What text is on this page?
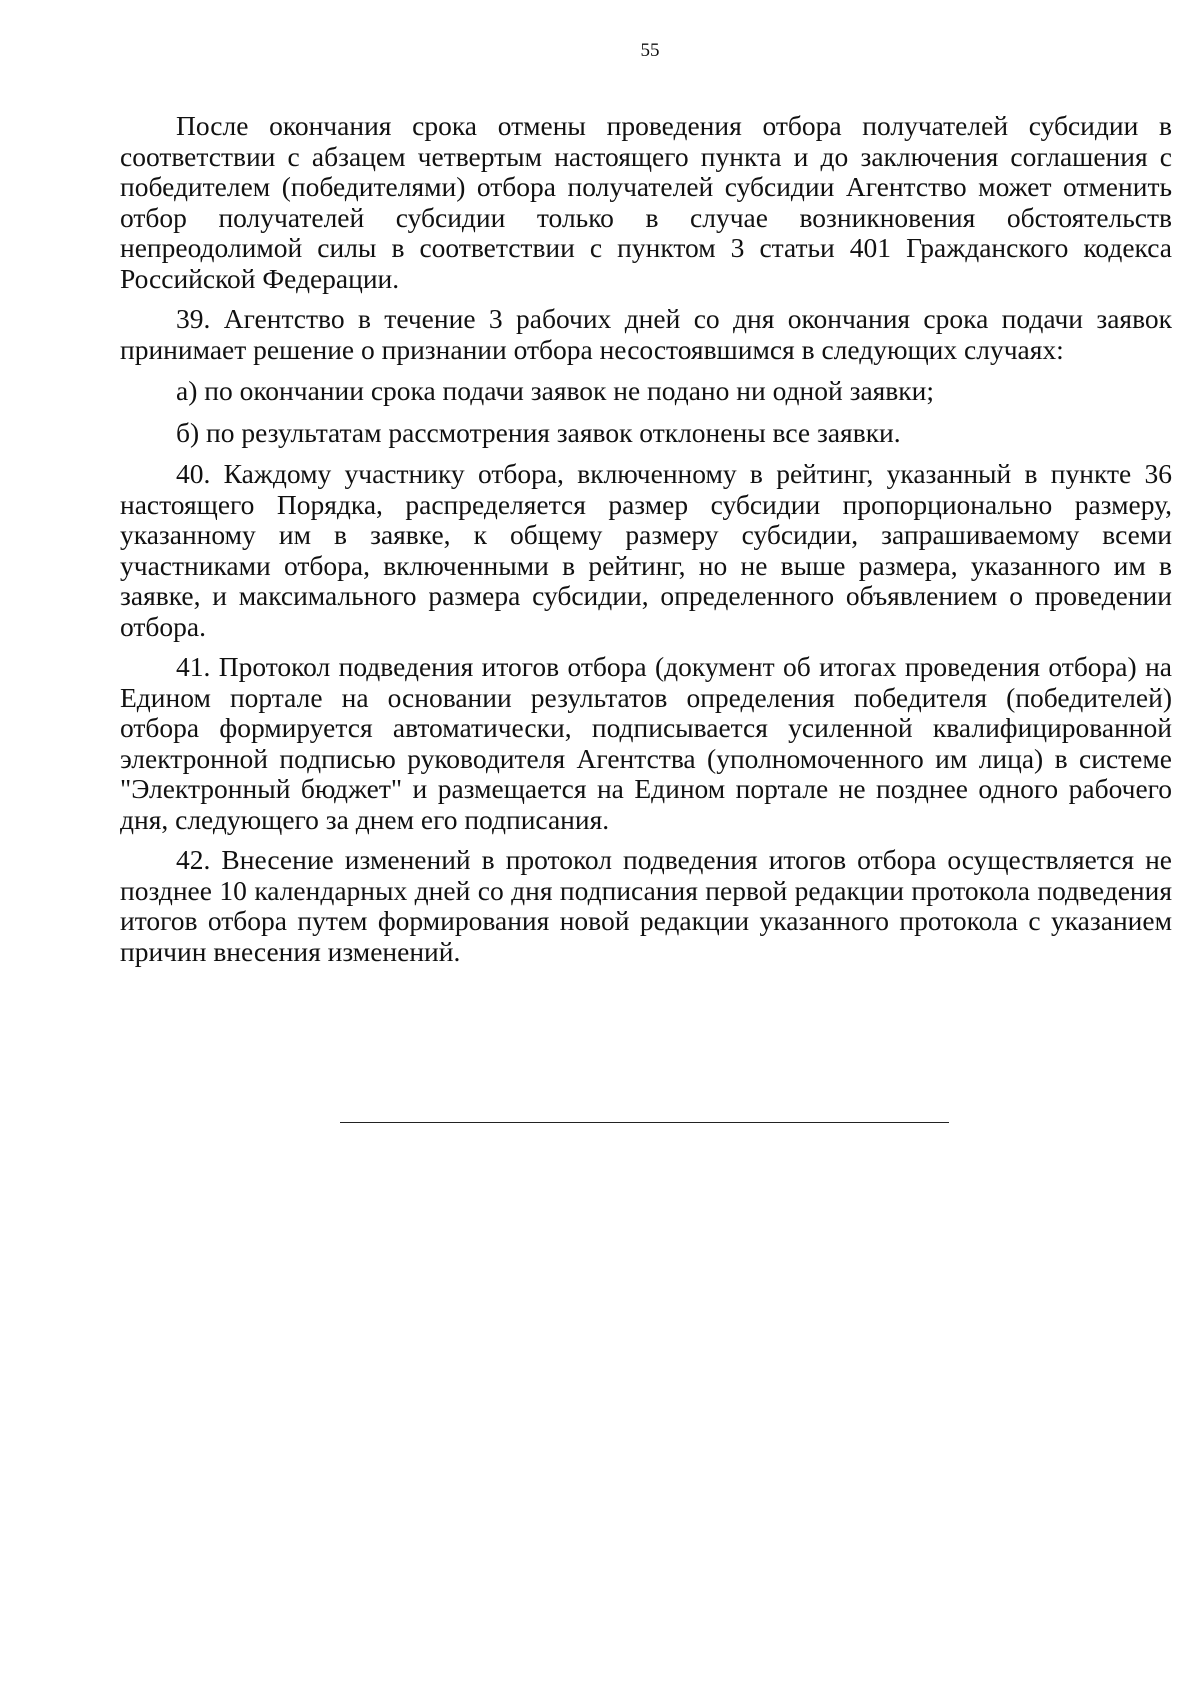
55

После окончания срока отмены проведения отбора получателей субсидии в соответствии с абзацем четвертым настоящего пункта и до заключения соглашения с победителем (победителями) отбора получателей субсидии Агентство может отменить отбор получателей субсидии только в случае возникновения обстоятельств непреодолимой силы в соответствии с пунктом 3 статьи 401 Гражданского кодекса Российской Федерации.

39. Агентство в течение 3 рабочих дней со дня окончания срока подачи заявок принимает решение о признании отбора несостоявшимся в следующих случаях:

а) по окончании срока подачи заявок не подано ни одной заявки;

б) по результатам рассмотрения заявок отклонены все заявки.

40. Каждому участнику отбора, включенному в рейтинг, указанный в пункте 36 настоящего Порядка, распределяется размер субсидии пропорционально размеру, указанному им в заявке, к общему размеру субсидии, запрашиваемому всеми участниками отбора, включенными в рейтинг, но не выше размера, указанного им в заявке, и максимального размера субсидии, определенного объявлением о проведении отбора.

41. Протокол подведения итогов отбора (документ об итогах проведения отбора) на Едином портале на основании результатов определения победителя (победителей) отбора формируется автоматически, подписывается усиленной квалифицированной электронной подписью руководителя Агентства (уполномоченного им лица) в системе "Электронный бюджет" и размещается на Едином портале не позднее одного рабочего дня, следующего за днем его подписания.

42. Внесение изменений в протокол подведения итогов отбора осуществляется не позднее 10 календарных дней со дня подписания первой редакции протокола подведения итогов отбора путем формирования новой редакции указанного протокола с указанием причин внесения изменений.
